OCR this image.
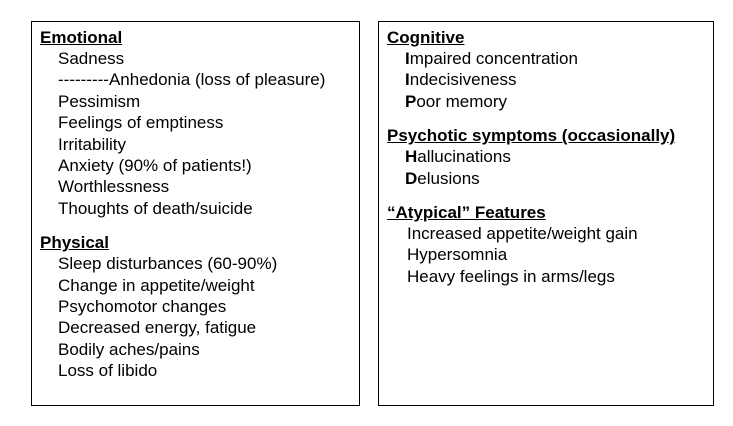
Emotional
Sadness
---------Anhedonia (loss of pleasure)
Pessimism
Feelings of emptiness
Irritability
Anxiety (90% of patients!)
Worthlessness
Thoughts of death/suicide
Physical
Sleep disturbances (60-90%)
Change in appetite/weight
Psychomotor changes
Decreased energy, fatigue
Bodily aches/pains
Loss of libido
Cognitive
Impaired concentration
Indecisiveness
Poor memory
Psychotic symptoms (occasionally)
Hallucinations
Delusions
“Atypical” Features
Increased appetite/weight gain
Hypersomnia
Heavy feelings in arms/legs
